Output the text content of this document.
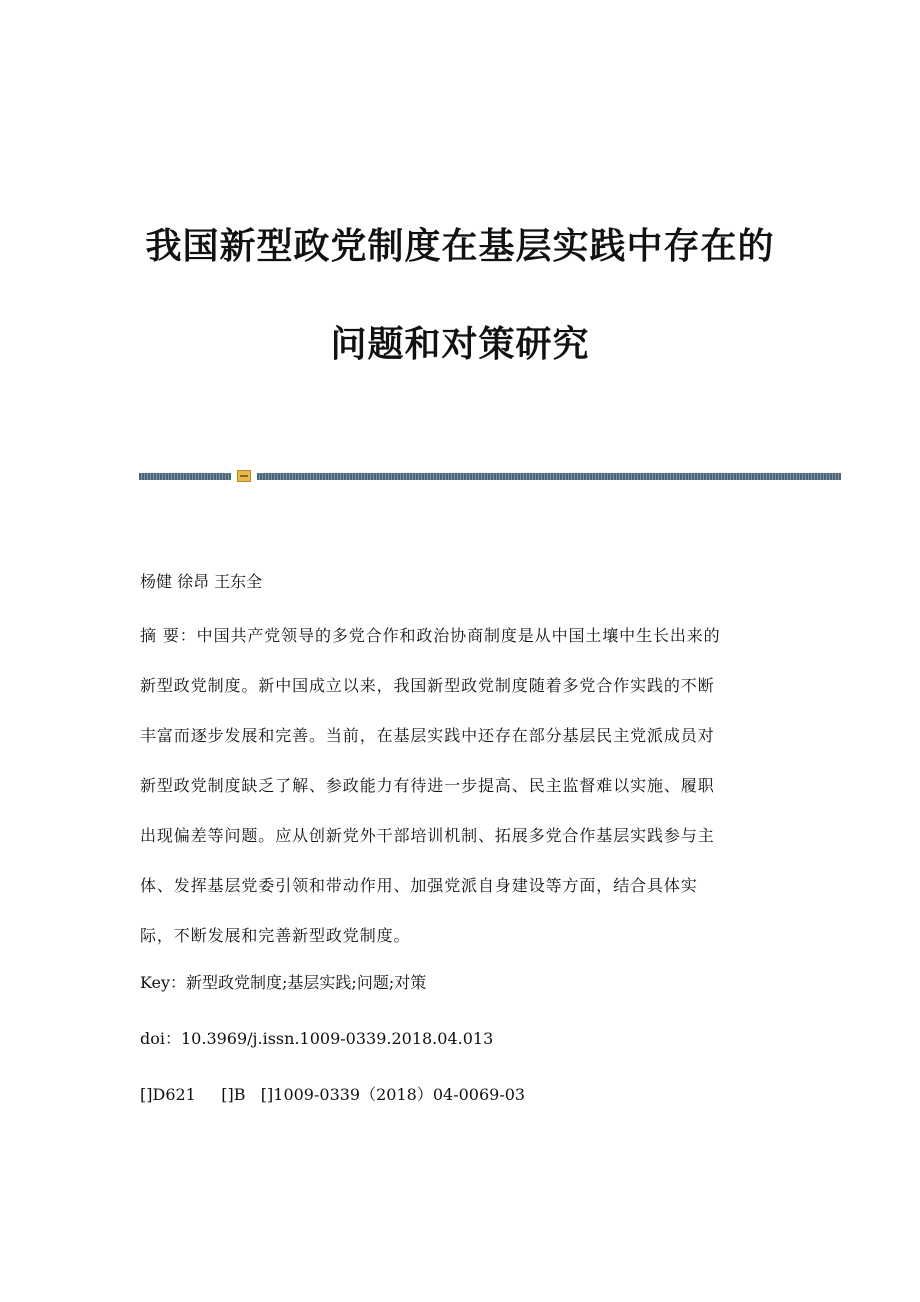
我国新型政党制度在基层实践中存在的
问题和对策研究
杨健 徐昂 王东全
摘 要：中国共产党领导的多党合作和政治协商制度是从中国土壤中生长出来的
新型政党制度。新中国成立以来，我国新型政党制度随着多党合作实践的不断
丰富而逐步发展和完善。当前，在基层实践中还存在部分基层民主党派成员对
新型政党制度缺乏了解、参政能力有待进一步提高、民主监督难以实施、履职
出现偏差等问题。应从创新党外干部培训机制、拓展多党合作基层实践参与主
体、发挥基层党委引领和带动作用、加强党派自身建设等方面，结合具体实
际，不断发展和完善新型政党制度。
Key：新型政党制度;基层实践;问题;对策
doi：10.3969/j.issn.1009-0339.2018.04.013
[]D621     []B   []1009-0339（2018）04-0069-03
